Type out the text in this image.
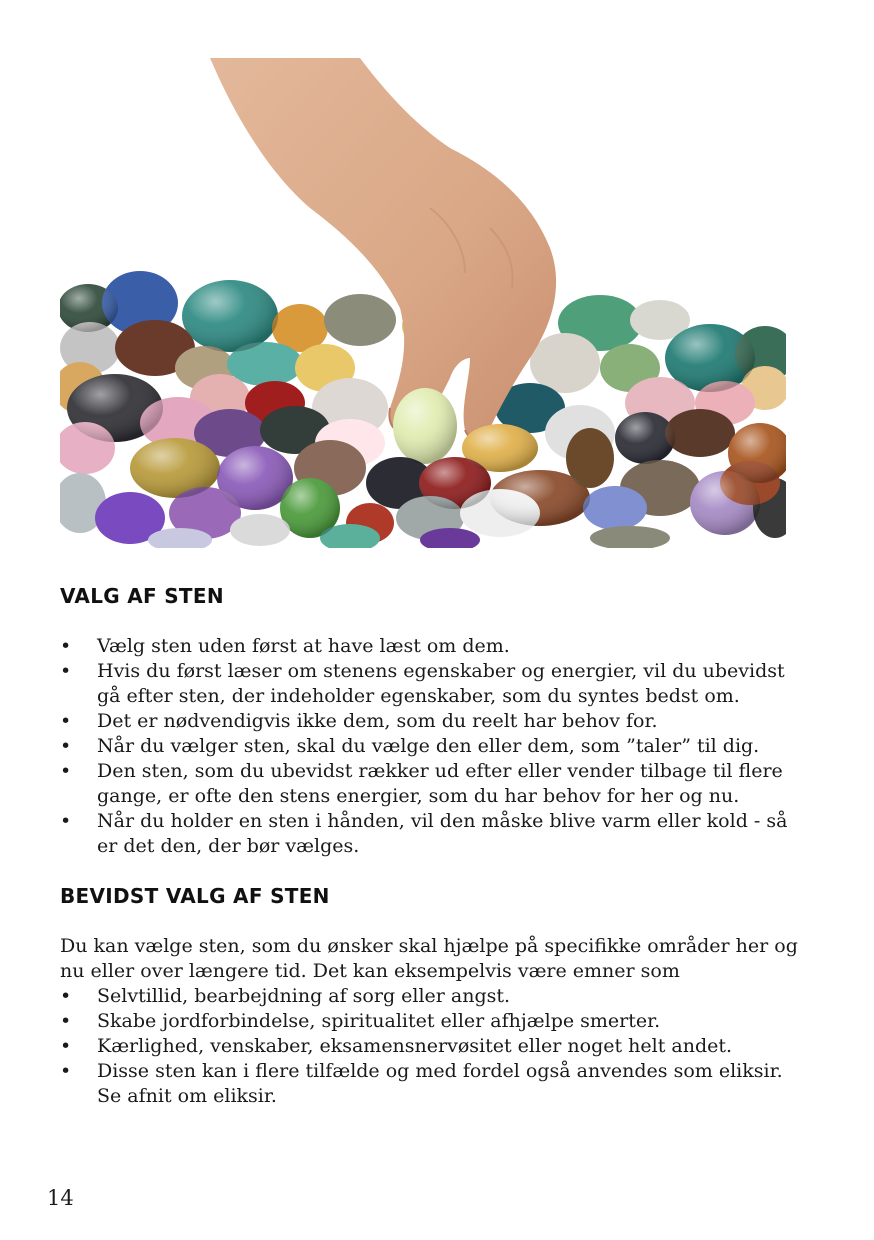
VALG AF STEN
• Vælg sten uden først at have læst om dem.
• Hvis du først læser om stenens egenskaber og energier, vil du ubevidst gå efter sten, der indeholder egenskaber, som du syntes bedst om.
• Det er nødvendigvis ikke dem, som du reelt har behov for.
• Når du vælger sten, skal du vælge den eller dem, som ”taler” til dig.
• Den sten, som du ubevidst rækker ud efter eller vender tilbage til flere gange, er ofte den stens energier, som du har behov for her og nu.
• Når du holder en sten i hånden, vil den måske blive varm eller kold - så er det den, der bør vælges.
BEVIDST VALG AF STEN

Du kan vælge sten, som du ønsker skal hjælpe på specifikke områder her og nu eller over længere tid. Det kan eksempelvis være emner som

• Selvtillid, bearbejdning af sorg eller angst.
• Skabe jordforbindelse, spiritualitet eller afhjælpe smerter.
• Kærlighed, venskaber, eksamensnervøsitet eller noget helt andet.
• Disse sten kan i flere tilfælde og med fordel også anvendes som eliksir. Se afnit om eliksir.
14
